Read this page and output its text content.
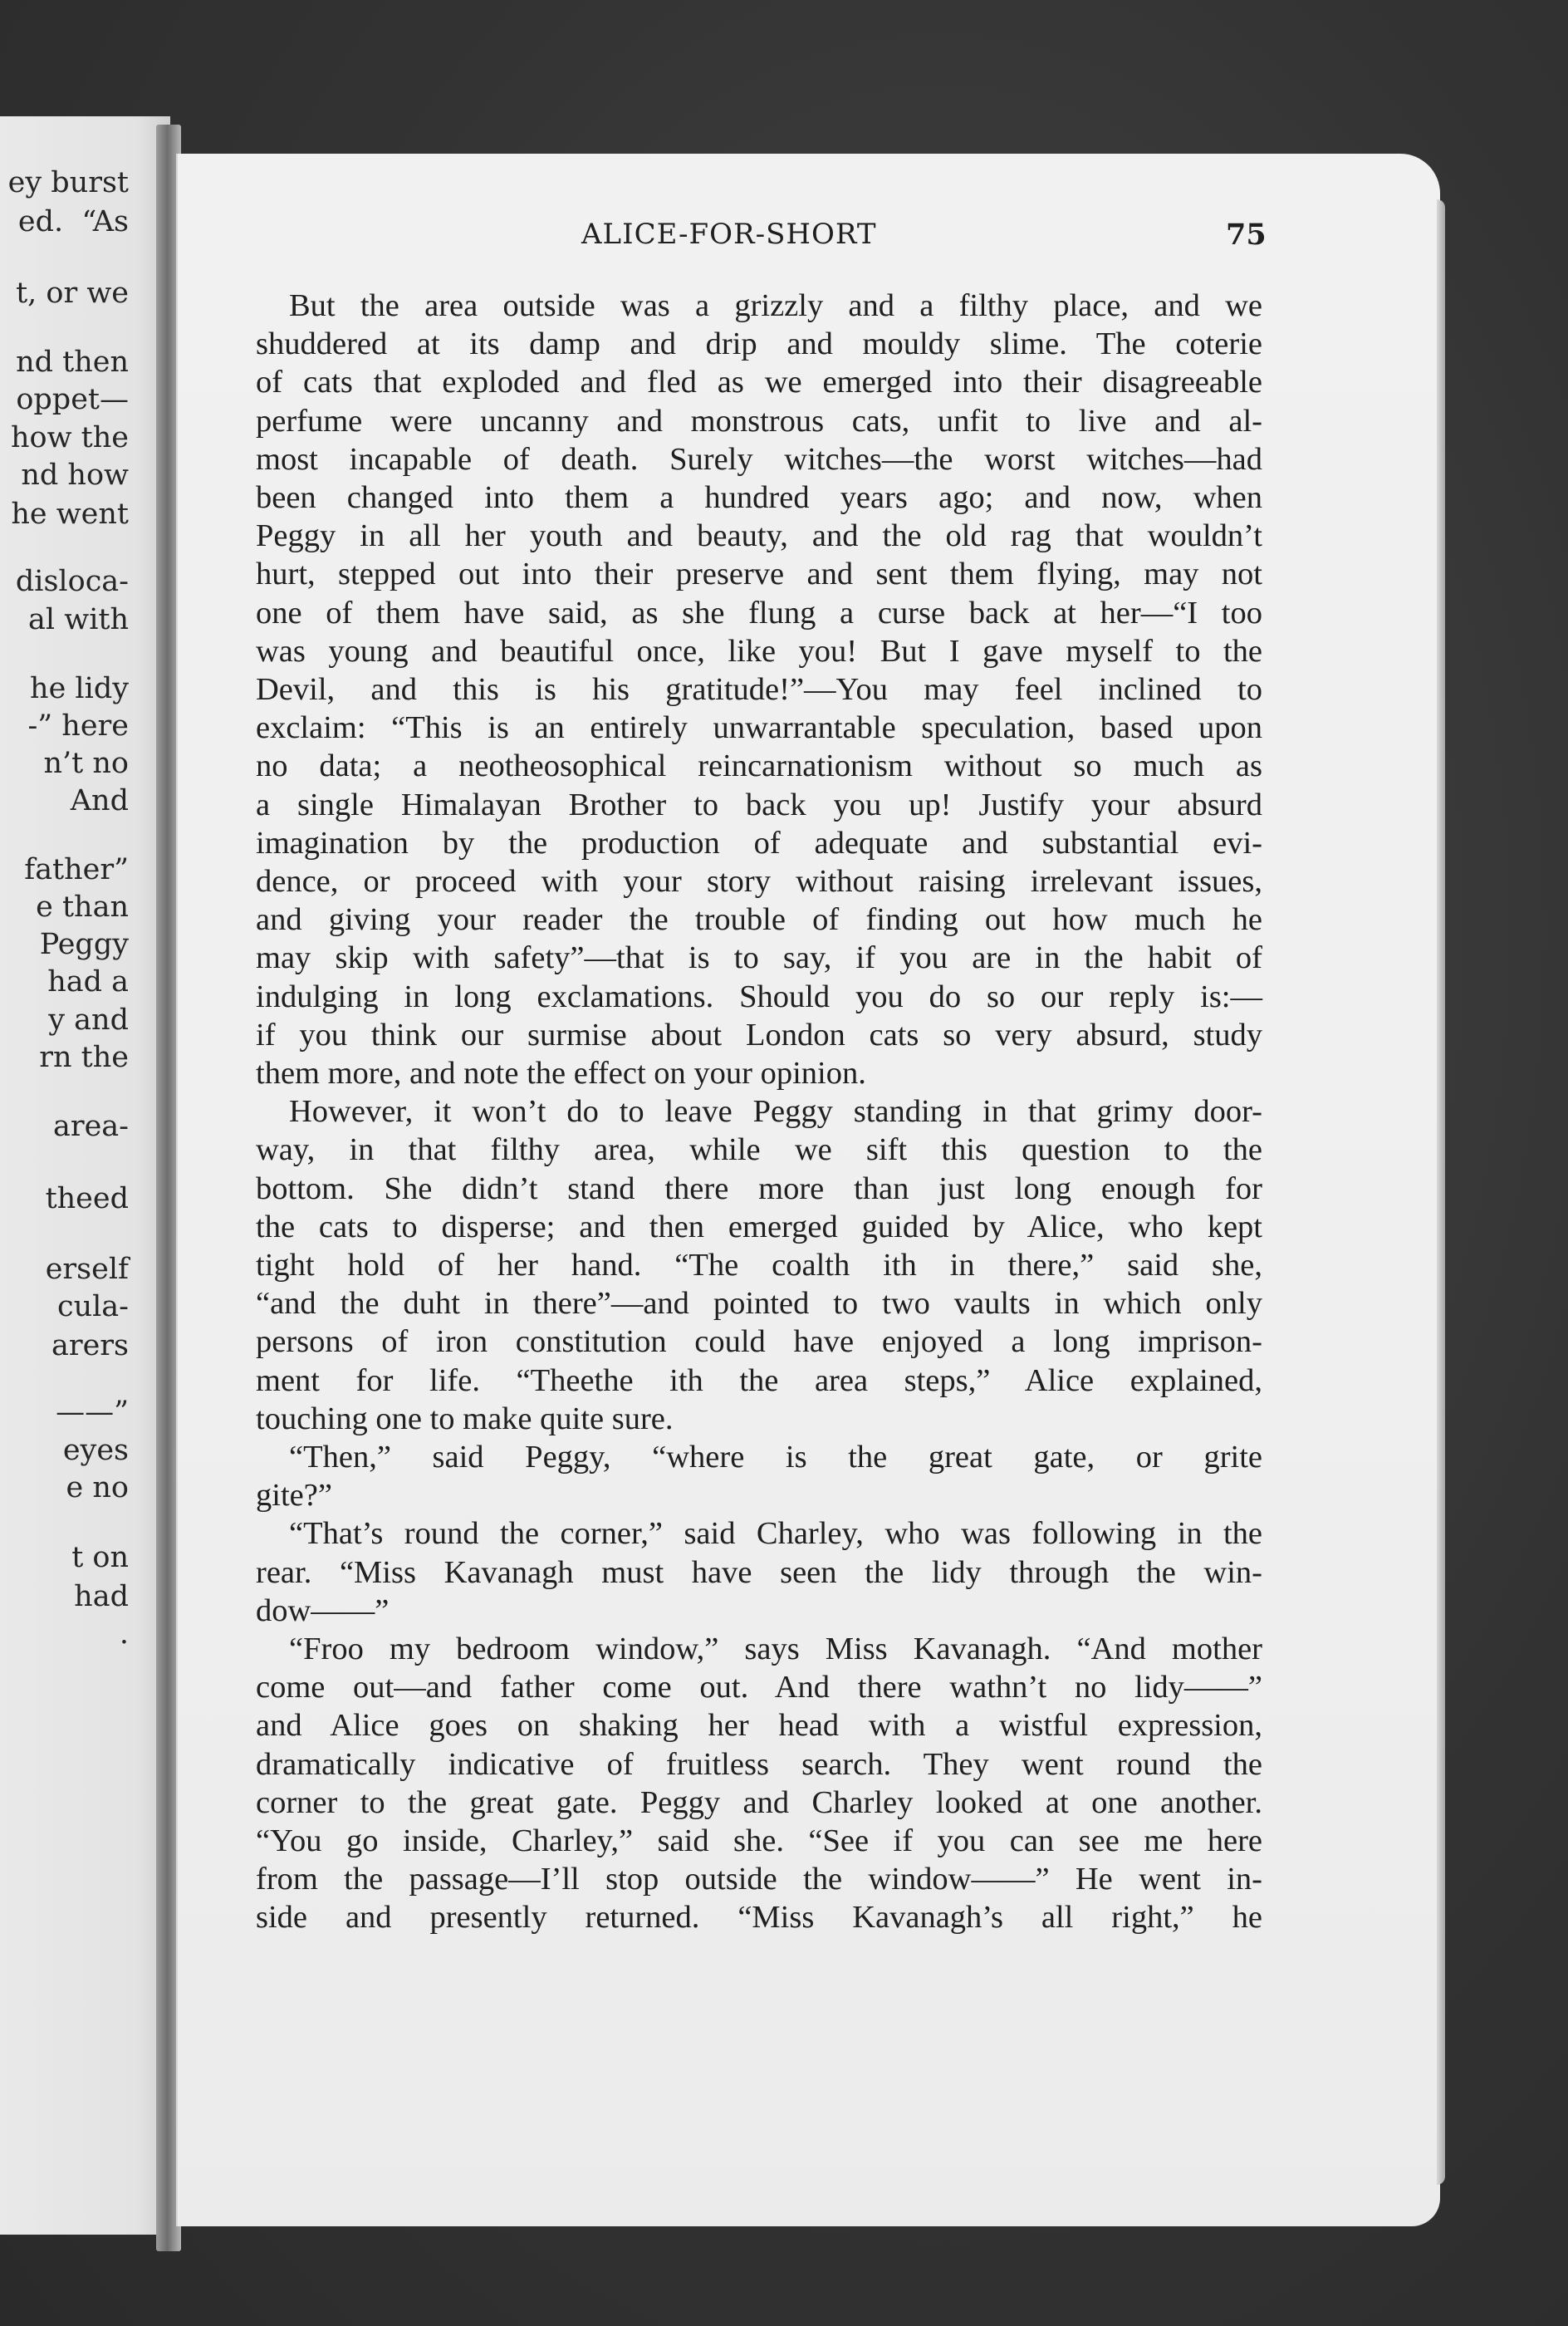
ey burst
ed.  “As
t, or we
nd then
oppet—
how the
nd how
he went
disloca-
al with
he lidy
-” here
n’t no
And
father”
e than
Peggy
had a
y and
rn the
area-
theed
erself
cula-
arers
——”
eyes
e no
t on
had
.
ALICE-FOR-SHORT	75
But the area outside was a grizzly and a filthy place, and we
shuddered at its damp and drip and mouldy slime. The coterie
of cats that exploded and fled as we emerged into their disagreeable
perfume were uncanny and monstrous cats, unfit to live and al-
most incapable of death. Surely witches—the worst witches—had
been changed into them a hundred years ago; and now, when
Peggy in all her youth and beauty, and the old rag that wouldn’t
hurt, stepped out into their preserve and sent them flying, may not
one of them have said, as she flung a curse back at her—“I too
was young and beautiful once, like you! But I gave myself to the
Devil, and this is his gratitude!”—You may feel inclined to
exclaim: “This is an entirely unwarrantable speculation, based upon
no data; a neotheosophical reincarnationism without so much as
a single Himalayan Brother to back you up! Justify your absurd
imagination by the production of adequate and substantial evi-
dence, or proceed with your story without raising irrelevant issues,
and giving your reader the trouble of finding out how much he
may skip with safety”—that is to say, if you are in the habit of
indulging in long exclamations. Should you do so our reply is:—
if you think our surmise about London cats so very absurd, study
them more, and note the effect on your opinion.
However, it won’t do to leave Peggy standing in that grimy door-
way, in that filthy area, while we sift this question to the
bottom. She didn’t stand there more than just long enough for
the cats to disperse; and then emerged guided by Alice, who kept
tight hold of her hand. “The coalth ith in there,” said she,
“and the duht in there”—and pointed to two vaults in which only
persons of iron constitution could have enjoyed a long imprison-
ment for life. “Theethe ith the area steps,” Alice explained,
touching one to make quite sure.
“Then,” said Peggy, “where is the great gate, or grite
gite?”
“That’s round the corner,” said Charley, who was following in the
rear. “Miss Kavanagh must have seen the lidy through the win-
dow——”
“Froo my bedroom window,” says Miss Kavanagh. “And mother
come out—and father come out. And there wathn’t no lidy——”
and Alice goes on shaking her head with a wistful expression,
dramatically indicative of fruitless search. They went round the
corner to the great gate. Peggy and Charley looked at one another.
“You go inside, Charley,” said she. “See if you can see me here
from the passage—I’ll stop outside the window——” He went in-
side and presently returned. “Miss Kavanagh’s all right,” he
